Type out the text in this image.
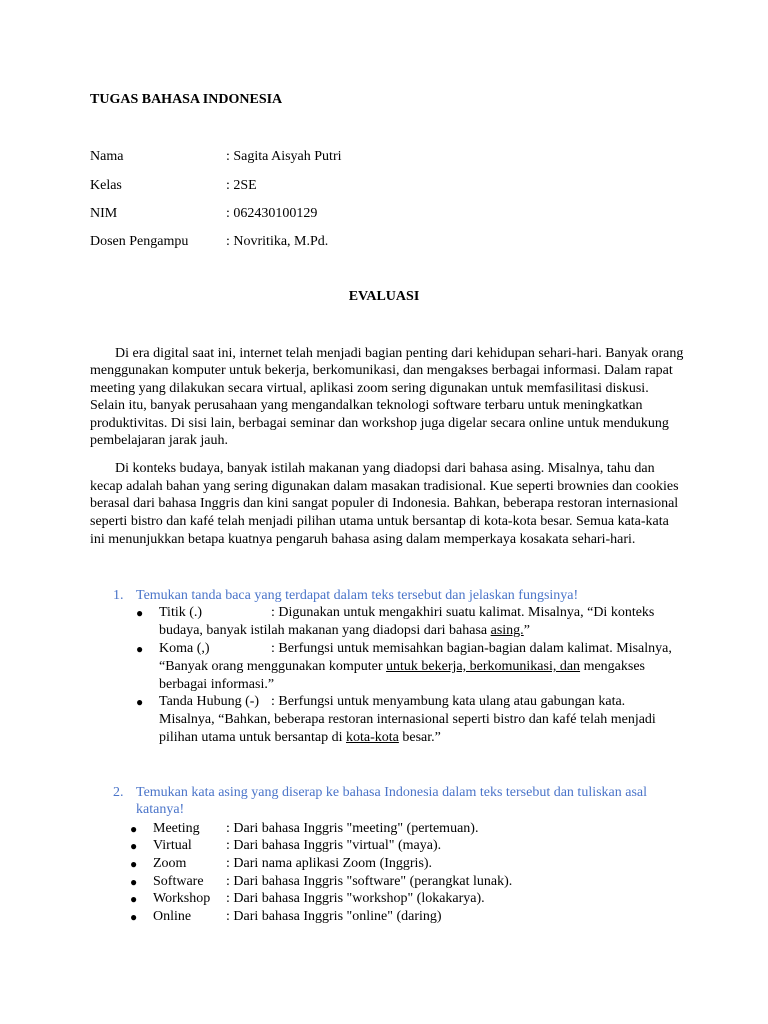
TUGAS BAHASA INDONESIA
Nama	: Sagita Aisyah Putri
Kelas	: 2SE
NIM	: 062430100129
Dosen Pengampu	: Novritika, M.Pd.
EVALUASI
Di era digital saat ini, internet telah menjadi bagian penting dari kehidupan sehari-hari. Banyak orang
menggunakan komputer untuk bekerja, berkomunikasi, dan mengakses berbagai informasi. Dalam rapat
meeting yang dilakukan secara virtual, aplikasi zoom sering digunakan untuk memfasilitasi diskusi.
Selain itu, banyak perusahaan yang mengandalkan teknologi software terbaru untuk meningkatkan
produktivitas. Di sisi lain, berbagai seminar dan workshop juga digelar secara online untuk mendukung
pembelajaran jarak jauh.
Di konteks budaya, banyak istilah makanan yang diadopsi dari bahasa asing. Misalnya, tahu dan
kecap adalah bahan yang sering digunakan dalam masakan tradisional. Kue seperti brownies dan cookies
berasal dari bahasa Inggris dan kini sangat populer di Indonesia. Bahkan, beberapa restoran internasional
seperti bistro dan kafé telah menjadi pilihan utama untuk bersantap di kota-kota besar. Semua kata-kata
ini menunjukkan betapa kuatnya pengaruh bahasa asing dalam memperkaya kosakata sehari-hari.
1. Temukan tanda baca yang terdapat dalam teks tersebut dan jelaskan fungsinya!
● Titik (.)	: Digunakan untuk mengakhiri suatu kalimat. Misalnya, “Di konteks
budaya, banyak istilah makanan yang diadopsi dari bahasa asing.”
● Koma (,)	: Berfungsi untuk memisahkan bagian-bagian dalam kalimat. Misalnya,
“Banyak orang menggunakan komputer untuk bekerja, berkomunikasi, dan mengakses
berbagai informasi.”
● Tanda Hubung (-) : Berfungsi untuk menyambung kata ulang atau gabungan kata.
Misalnya, “Bahkan, beberapa restoran internasional seperti bistro dan kafé telah menjadi
pilihan utama untuk bersantap di kota-kota besar.”
2. Temukan kata asing yang diserap ke bahasa Indonesia dalam teks tersebut dan tuliskan asal
katanya!
● Meeting : Dari bahasa Inggris "meeting" (pertemuan).
● Virtual : Dari bahasa Inggris "virtual" (maya).
● Zoom	: Dari nama aplikasi Zoom (Inggris).
● Software : Dari bahasa Inggris "software" (perangkat lunak).
● Workshop : Dari bahasa Inggris "workshop" (lokakarya).
● Online : Dari bahasa Inggris "online" (daring)
